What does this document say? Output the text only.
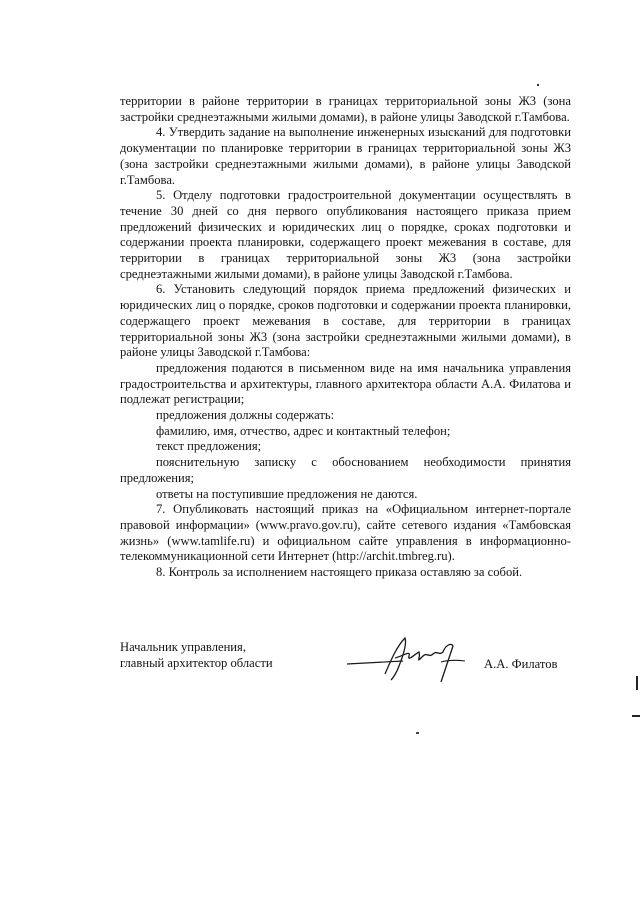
территории в районе территории в границах территориальной зоны Ж3 (зона застройки среднеэтажными жилыми домами), в районе улицы Заводской г.Тамбова.

4. Утвердить задание на выполнение инженерных изысканий для подготовки документации по планировке территории в границах территориальной зоны Ж3 (зона застройки среднеэтажными жилыми домами), в районе улицы Заводской г.Тамбова.

5. Отделу подготовки градостроительной документации осуществлять в течение 30 дней со дня первого опубликования настоящего приказа прием предложений физических и юридических лиц о порядке, сроках подготовки и содержании проекта планировки, содержащего проект межевания в составе, для территории в границах территориальной зоны Ж3 (зона застройки среднеэтажными жилыми домами), в районе улицы Заводской г.Тамбова.

6. Установить следующий порядок приема предложений физических и юридических лиц о порядке, сроков подготовки и содержании проекта планировки, содержащего проект межевания в составе, для территории в границах территориальной зоны Ж3 (зона застройки среднеэтажными жилыми домами), в районе улицы Заводской г.Тамбова:

предложения подаются в письменном виде на имя начальника управления градостроительства и архитектуры, главного архитектора области А.А. Филатова и подлежат регистрации;

предложения должны содержать:

фамилию, имя, отчество, адрес и контактный телефон;

текст предложения;

пояснительную записку с обоснованием необходимости принятия предложения;

ответы на поступившие предложения не даются.

7. Опубликовать настоящий приказ на «Официальном интернет-портале правовой информации» (www.pravo.gov.ru), сайте сетевого издания «Тамбовская жизнь» (www.tamlife.ru) и официальном сайте управления в информационно-телекоммуникационной сети Интернет (http://archit.tmbreg.ru).

8. Контроль за исполнением настоящего приказа оставляю за собой.

Начальник управления,
главный архитектор области	А.А. Филатов
